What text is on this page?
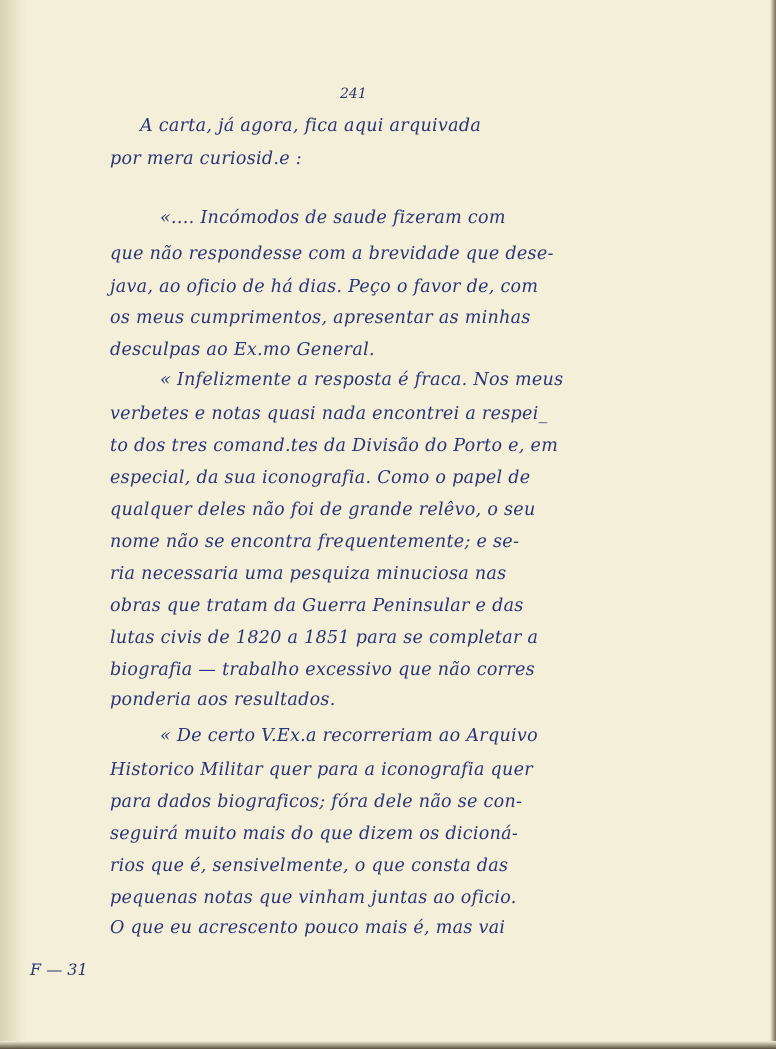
241
A carta, já agora, fica aqui arquivada
por mera curiosid.e :
«.... Incómodos de saude fizeram com
que não respondesse com a brevidade que dese-
java, ao oficio de há dias. Peço o favor de, com
os meus cumprimentos, apresentar as minhas
desculpas ao Ex.mo General.
« Infelizmente a resposta é fraca. Nos meus
verbetes e notas quasi nada encontrei a respei_
to dos tres comand.tes da Divisão do Porto e, em
especial, da sua iconografia. Como o papel de
qualquer deles não foi de grande relêvo, o seu
nome não se encontra frequentemente; e se-
ria necessaria uma pesquiza minuciosa nas
obras que tratam da Guerra Peninsular e das
lutas civis de 1820 a 1851 para se completar a
biografia — trabalho excessivo que não corres
ponderia aos resultados.
« De certo V.Ex.a recorreriam ao Arquivo
Historico Militar quer para a iconografia quer
para dados biograficos; fóra dele não se con-
seguirá muito mais do que dizem os dicioná-
rios que é, sensivelmente, o que consta das
pequenas notas que vinham juntas ao oficio.
O que eu acrescento pouco mais é, mas vai
F — 31
